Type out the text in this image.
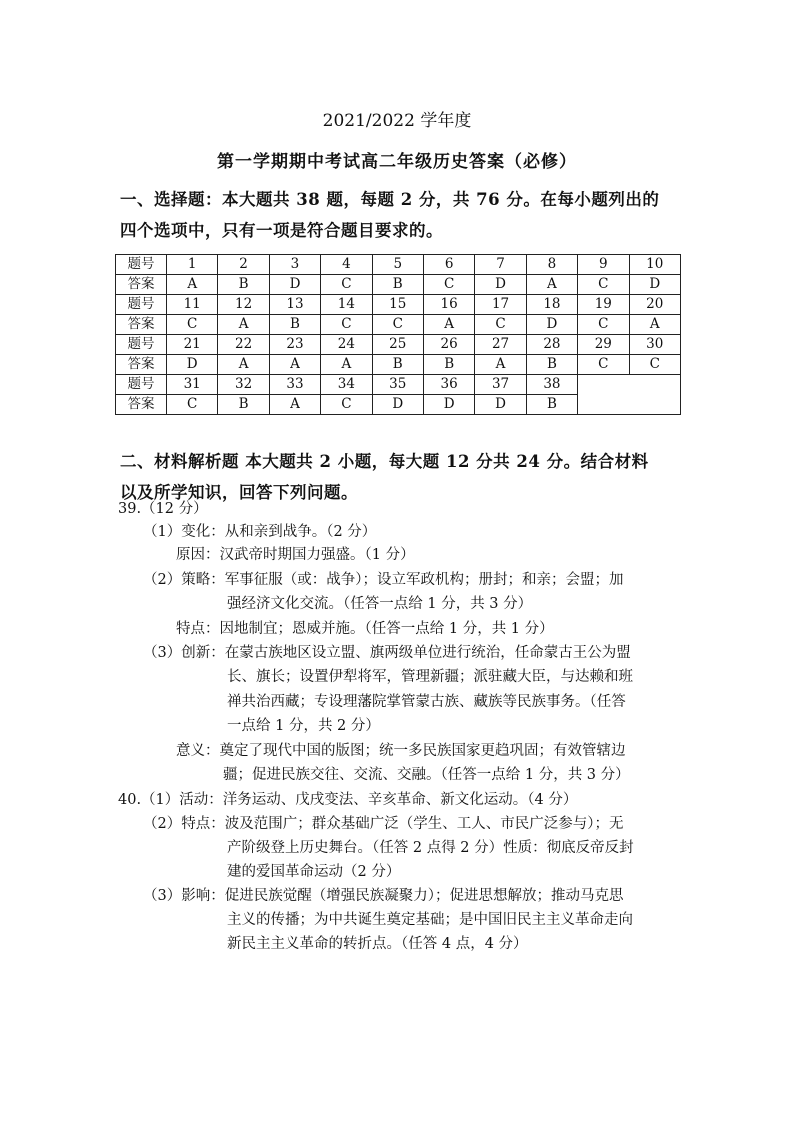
2021/2022 学年度
第一学期期中考试高二年级历史答案（必修）
一、选择题：本大题共 38 题，每题 2 分，共 76 分。在每小题列出的
四个选项中，只有一项是符合题目要求的。
题号	1	2	3	4	5	6	7	8	9	10
答案	A	B	D	C	B	C	D	A	C	D
题号	11	12	13	14	15	16	17	18	19	20
答案	C	A	B	C	C	A	C	D	C	A
题号	21	22	23	24	25	26	27	28	29	30
答案	D	A	A	A	B	B	A	B	C	C
题号	31	32	33	34	35	36	37	38		
答案	C	B	A	C	D	D	D	B		
二、材料解析题 本大题共 2 小题，每大题 12 分共 24 分。结合材料
以及所学知识，回答下列问题。
39.（12 分）
（1）变化：从和亲到战争。（2 分）
原因：汉武帝时期国力强盛。（1 分）
（2）策略：军事征服（或：战争）；设立军政机构；册封；和亲；会盟；加
强经济文化交流。（任答一点给 1 分，共 3 分）
特点：因地制宜；恩威并施。（任答一点给 1 分，共 1 分）
（3）创新：在蒙古族地区设立盟、旗两级单位进行统治，任命蒙古王公为盟
长、旗长；设置伊犁将军，管理新疆；派驻藏大臣，与达赖和班
禅共治西藏；专设理藩院掌管蒙古族、藏族等民族事务。（任答
一点给 1 分，共 2 分）
意义：奠定了现代中国的版图；统一多民族国家更趋巩固；有效管辖边
疆；促进民族交往、交流、交融。（任答一点给 1 分，共 3 分）
40.（1）活动：洋务运动、戊戌变法、辛亥革命、新文化运动。（4 分）
（2）特点：波及范围广；群众基础广泛（学生、工人、市民广泛参与）；无
产阶级登上历史舞台。（任答 2 点得 2 分）性质：彻底反帝反封
建的爱国革命运动（2 分）
（3）影响：促进民族觉醒（增强民族凝聚力）；促进思想解放；推动马克思
主义的传播；为中共诞生奠定基础；是中国旧民主主义革命走向
新民主主义革命的转折点。（任答 4 点，4 分）
